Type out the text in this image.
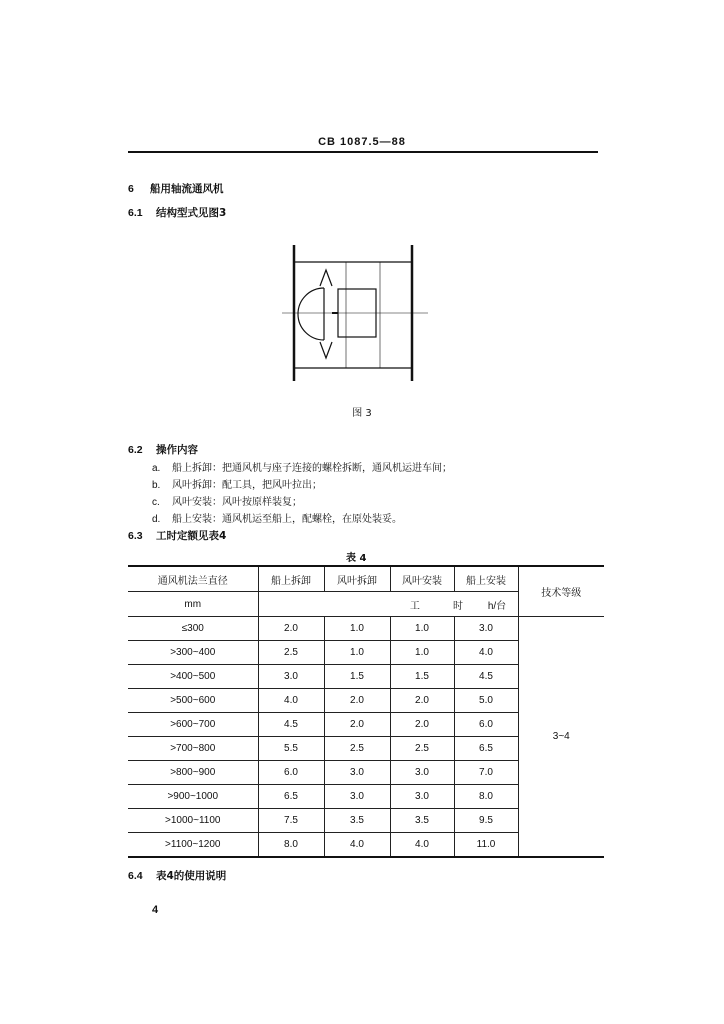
CB 1087.5—88
6 船用轴流通风机
6.1 结构型式见图3
图 3
6.2 操作内容
a. 船上拆卸：把通风机与座子连接的螺栓拆断，通风机运进车间；
b. 风叶拆卸：配工具，把风叶拉出；
c. 风叶安装：风叶按原样装复；
d. 船上安装：通风机运至船上，配螺栓，在原处装妥。
6.3 工时定额见表4
表 4
通风机法兰直径	船上拆卸	风叶拆卸	风叶安装	船上安装	技术等级
mm	工 时 h/台				
≤300	2.0	1.0	1.0	3.0	3~4
>300~400	2.5	1.0	1.0	4.0	
>400~500	3.0	1.5	1.5	4.5	
>500~600	4.0	2.0	2.0	5.0	
>600~700	4.5	2.0	2.0	6.0	
>700~800	5.5	2.5	2.5	6.5	
>800~900	6.0	3.0	3.0	7.0	
>900~1000	6.5	3.0	3.0	8.0	
>1000~1100	7.5	3.5	3.5	9.5	
>1100~1200	8.0	4.0	4.0	11.0	
6.4 表4的使用说明
4
